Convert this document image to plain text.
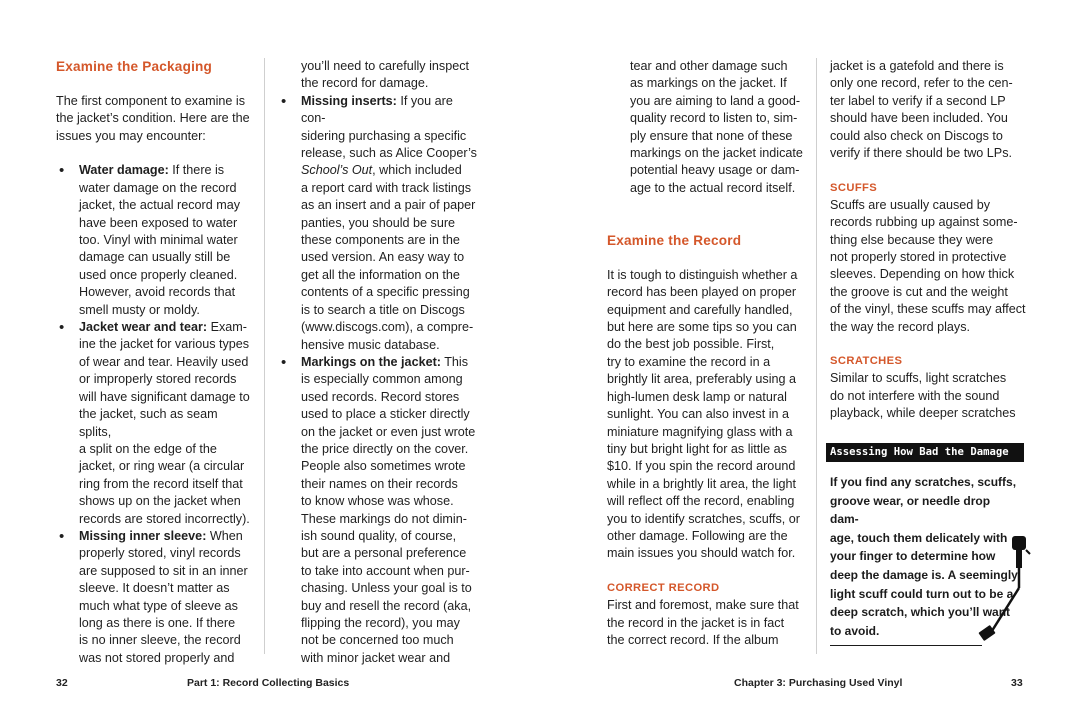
Examine the Packaging

The first component to examine is
the jacket’s condition. Here are the
issues you may encounter:

• Water damage: If there is
water damage on the record
jacket, the actual record may
have been exposed to water
too. Vinyl with minimal water
damage can usually still be
used once properly cleaned.
However, avoid records that
smell musty or moldy.
• Jacket wear and tear: Exam-
ine the jacket for various types
of wear and tear. Heavily used
or improperly stored records
will have significant damage to
the jacket, such as seam splits,
a split on the edge of the
jacket, or ring wear (a circular
ring from the record itself that
shows up on the jacket when
records are stored incorrectly).
• Missing inner sleeve: When
properly stored, vinyl records
are supposed to sit in an inner
sleeve. It doesn’t matter as
much what type of sleeve as
long as there is one. If there
is no inner sleeve, the record
was not stored properly and

you’ll need to carefully inspect
the record for damage.

• Missing inserts: If you are con-
sidering purchasing a specific
release, such as Alice Cooper’s
School’s Out, which included
a report card with track listings
as an insert and a pair of paper
panties, you should be sure
these components are in the
used version. An easy way to
get all the information on the
contents of a specific pressing
is to search a title on Discogs
(www.discogs.com), a compre-
hensive music database.
• Markings on the jacket: This
is especially common among
used records. Record stores
used to place a sticker directly
on the jacket or even just wrote
the price directly on the cover.
People also sometimes wrote
their names on their records
to know whose was whose.
These markings do not dimin-
ish sound quality, of course,
but are a personal preference
to take into account when pur-
chasing. Unless your goal is to
buy and resell the record (aka,
flipping the record), you may
not be concerned too much
with minor jacket wear and
32	Part 1: Record Collecting Basics

tear and other damage such
as markings on the jacket. If
you are aiming to land a good-
quality record to listen to, sim-
ply ensure that none of these
markings on the jacket indicate
potential heavy usage or dam-
age to the actual record itself.

Examine the Record

It is tough to distinguish whether a
record has been played on proper
equipment and carefully handled,
but here are some tips so you can
do the best job possible. First,
try to examine the record in a
brightly lit area, preferably using a
high-lumen desk lamp or natural
sunlight. You can also invest in a
miniature magnifying glass with a
tiny but bright light for as little as
$10. If you spin the record around
while in a brightly lit area, the light
will reflect off the record, enabling
you to identify scratches, scuffs, or
other damage. Following are the
main issues you should watch for.

CORRECT RECORD

First and foremost, make sure that
the record in the jacket is in fact
the correct record. If the album

jacket is a gatefold and there is
only one record, refer to the cen-
ter label to verify if a second LP
should have been included. You
could also check on Discogs to
verify if there should be two LPs.

SCUFFS

Scuffs are usually caused by
records rubbing up against some-
thing else because they were
not properly stored in protective
sleeves. Depending on how thick
the groove is cut and the weight
of the vinyl, these scuffs may affect
the way the record plays.

SCRATCHES

Similar to scuffs, light scratches
do not interfere with the sound
playback, while deeper scratches

Chapter 3: Purchasing Used Vinyl	33
Assessing How Bad the Damage Is
If you find any scratches, scuffs,
groove wear, or needle drop dam-
age, touch them delicately with
your finger to determine how
deep the damage is. A seemingly
light scuff could turn out to be a
deep scratch, which you’ll want
to avoid.
